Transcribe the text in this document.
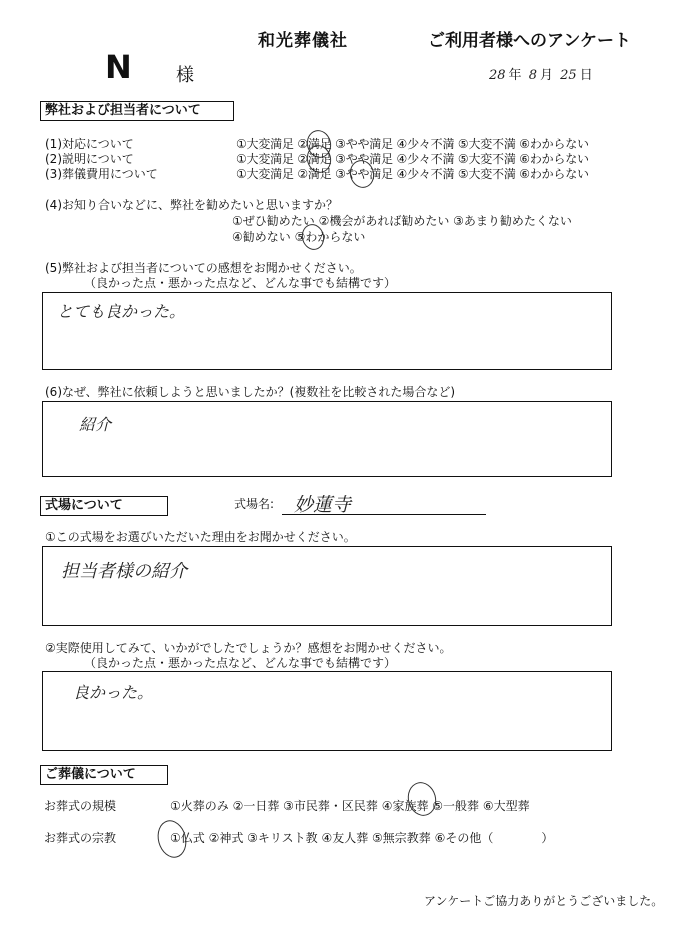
和光葬儀社	ご利用者様へのアンケート
N 様	28 年 8 月 25 日
弊社および担当者について
(1)対応について	①大変満足 ②満足 ③やや満足 ④少々不満 ⑤大変不満 ⑥わからない
(2)説明について	①大変満足 ②満足 ③やや満足 ④少々不満 ⑤大変不満 ⑥わからない
(3)葬儀費用について	①大変満足 ②満足 ③やや満足 ④少々不満 ⑤大変不満 ⑥わからない
(4)お知り合いなどに、弊社を勧めたいと思いますか？
①ぜひ勧めたい ②機会があれば勧めたい ③あまり勧めたくない
④勧めない ⑤わからない
(5)弊社および担当者についての感想をお聞かせください。
（良かった点・悪かった点など、どんな事でも結構です）
とても良かった。
(6)なぜ、弊社に依頼しようと思いましたか？(複数社を比較された場合など)
紹介
式場について	式場名: 妙蓮寺
①この式場をお選びいただいた理由をお聞かせください。
担当者様の紹介
②実際使用してみて、いかがでしたでしょうか？感想をお聞かせください。
（良かった点・悪かった点など、どんな事でも結構です）
良かった。
ご葬儀について
お葬式の規模	①火葬のみ ②一日葬 ③市民葬・区民葬 ④家族葬 ⑤一般葬 ⑥大型葬
お葬式の宗教	①仏式 ②神式 ③キリスト教 ④友人葬 ⑤無宗教葬 ⑥その他（　　　　）
アンケートご協力ありがとうございました。
